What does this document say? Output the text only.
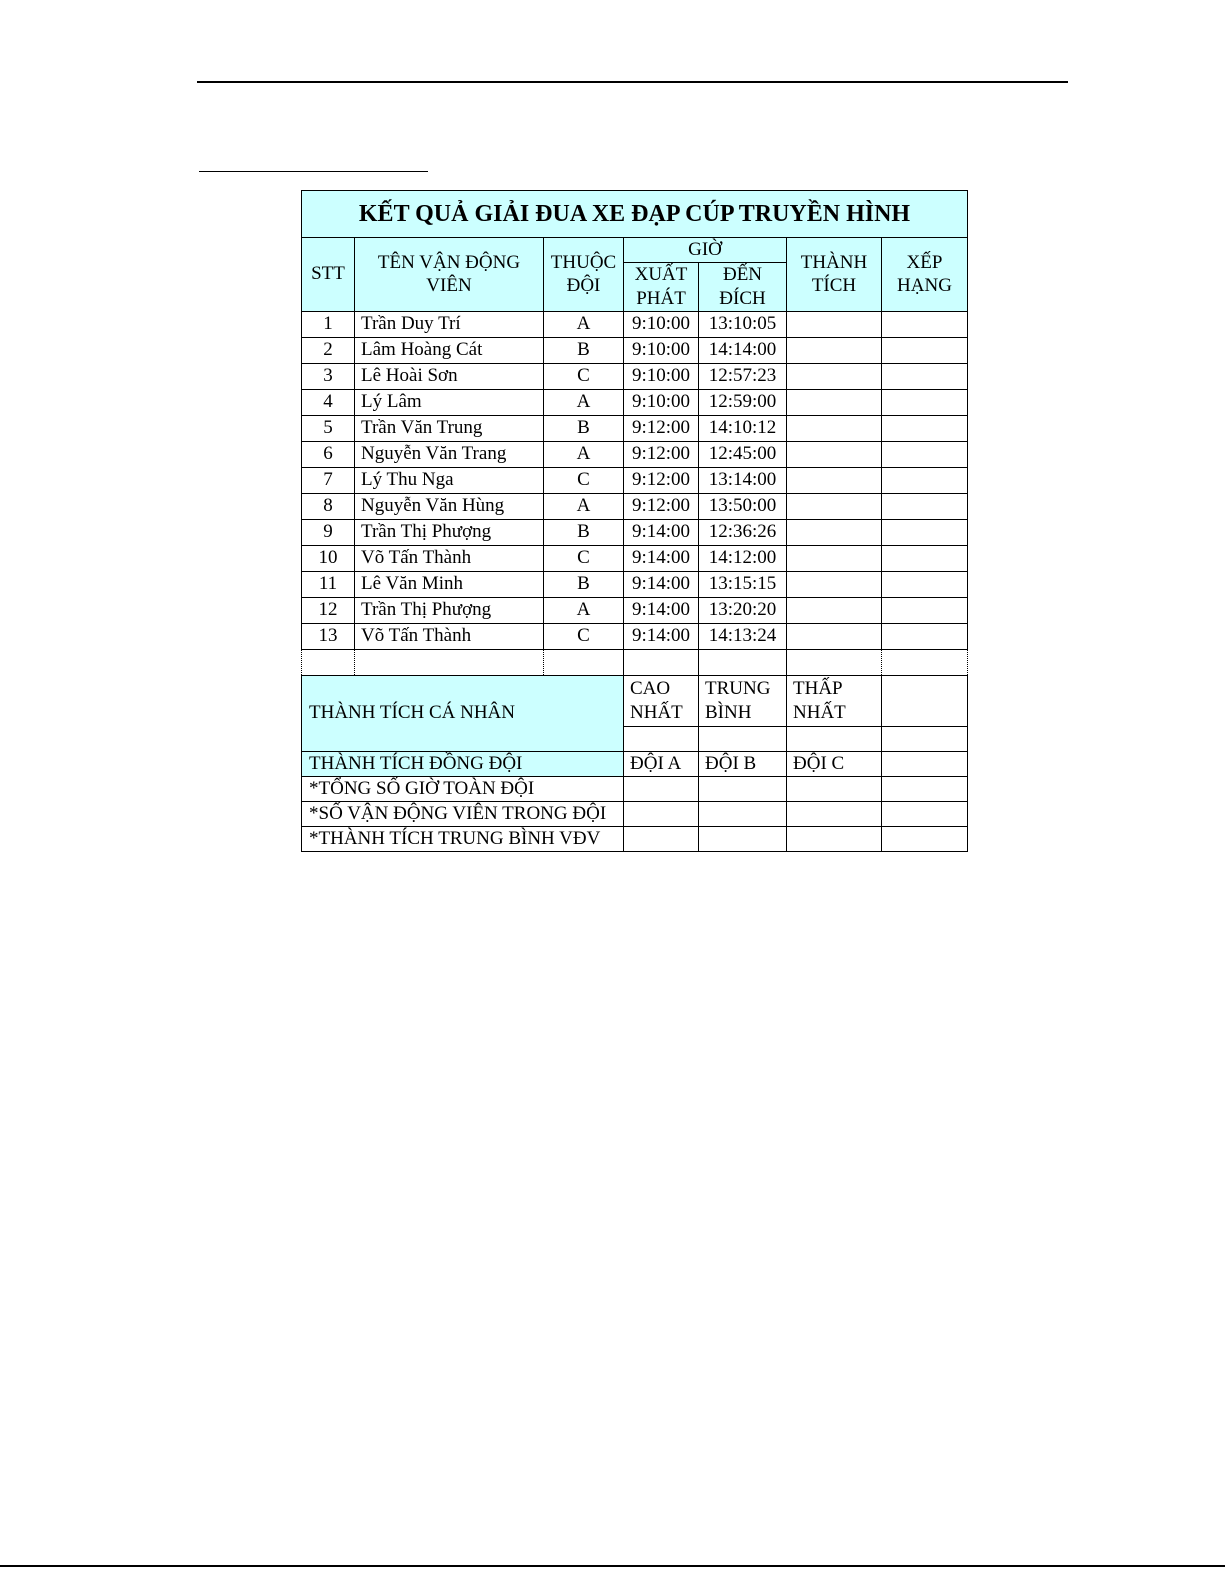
KẾT QUẢ GIẢI ĐUA XE ĐẠP CÚP TRUYỀN HÌNH						
STT	TÊN VẬN ĐỘNG VIÊN	THUỘC ĐỘI	GIỜ		THÀNH TÍCH	XẾP HẠNG
			XUẤT PHÁT	ĐẾN ĐÍCH		
1	Trần Duy Trí	A	9:10:00	13:10:05		
2	Lâm Hoàng Cát	B	9:10:00	14:14:00		
3	Lê Hoài Sơn	C	9:10:00	12:57:23		
4	Lý Lâm	A	9:10:00	12:59:00		
5	Trần Văn Trung	B	9:12:00	14:10:12		
6	Nguyễn Văn Trang	A	9:12:00	12:45:00		
7	Lý Thu Nga	C	9:12:00	13:14:00		
8	Nguyễn Văn Hùng	A	9:12:00	13:50:00		
9	Trần Thị Phượng	B	9:14:00	12:36:26		
10	Võ Tấn Thành	C	9:14:00	14:12:00		
11	Lê Văn Minh	B	9:14:00	13:15:15		
12	Trần Thị Phượng	A	9:14:00	13:20:20		
13	Võ Tấn Thành	C	9:14:00	14:13:24		

THÀNH TÍCH CÁ NHÂN			CAO NHẤT	TRUNG BÌNH	THẤP NHẤT	

THÀNH TÍCH ĐỒNG ĐỘI			ĐỘI A	ĐỘI B	ĐỘI C	
*TỔNG SỐ GIỜ TOÀN ĐỘI						
*SỐ VẬN ĐỘNG VIÊN TRONG ĐỘI						
*THÀNH TÍCH TRUNG BÌNH VĐV						
